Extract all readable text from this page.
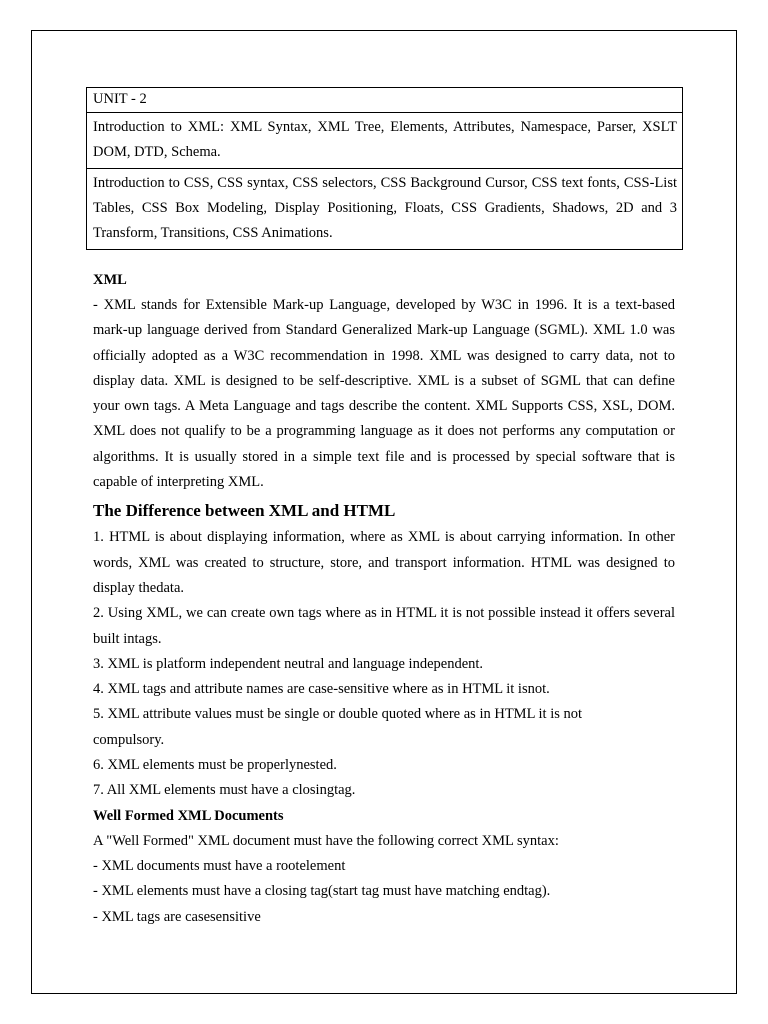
UNIT - 2
Introduction to XML: XML Syntax, XML Tree, Elements, Attributes, Namespace, Parser, XSLT DOM, DTD, Schema.
Introduction to CSS, CSS syntax, CSS selectors, CSS Background Cursor, CSS text fonts, CSS-List Tables, CSS Box Modeling, Display Positioning, Floats, CSS Gradients, Shadows, 2D and 3 Transform, Transitions, CSS Animations.

XML

- XML stands for Extensible Mark-up Language, developed by W3C in 1996. It is a text-based mark-up language derived from Standard Generalized Mark-up Language (SGML). XML 1.0 was officially adopted as a W3C recommendation in 1998. XML was designed to carry data, not to display data. XML is designed to be self-descriptive. XML is a subset of SGML that can define your own tags. A Meta Language and tags describe the content. XML Supports CSS, XSL, DOM. XML does not qualify to be a programming language as it does not performs any computation or algorithms. It is usually stored in a simple text file and is processed by special software that is capable of interpreting XML.

The Difference between XML and HTML

1. HTML is about displaying information, where as XML is about carrying information. In other words, XML was created to structure, store, and transport information. HTML was designed to display thedata.

2. Using XML, we can create own tags where as in HTML it is not possible instead it offers several built intags.

3. XML is platform independent neutral and language independent.

4. XML tags and attribute names are case-sensitive where as in HTML it isnot.

5. XML attribute values must be single or double quoted where as in HTML it is not compulsory.

6. XML elements must be properlynested.

7. All XML elements must have a closingtag.

Well Formed XML Documents

A "Well Formed" XML document must have the following correct XML syntax:

- XML documents must have a rootelement

- XML elements must have a closing tag(start tag must have matching endtag).

- XML tags are casesensitive
